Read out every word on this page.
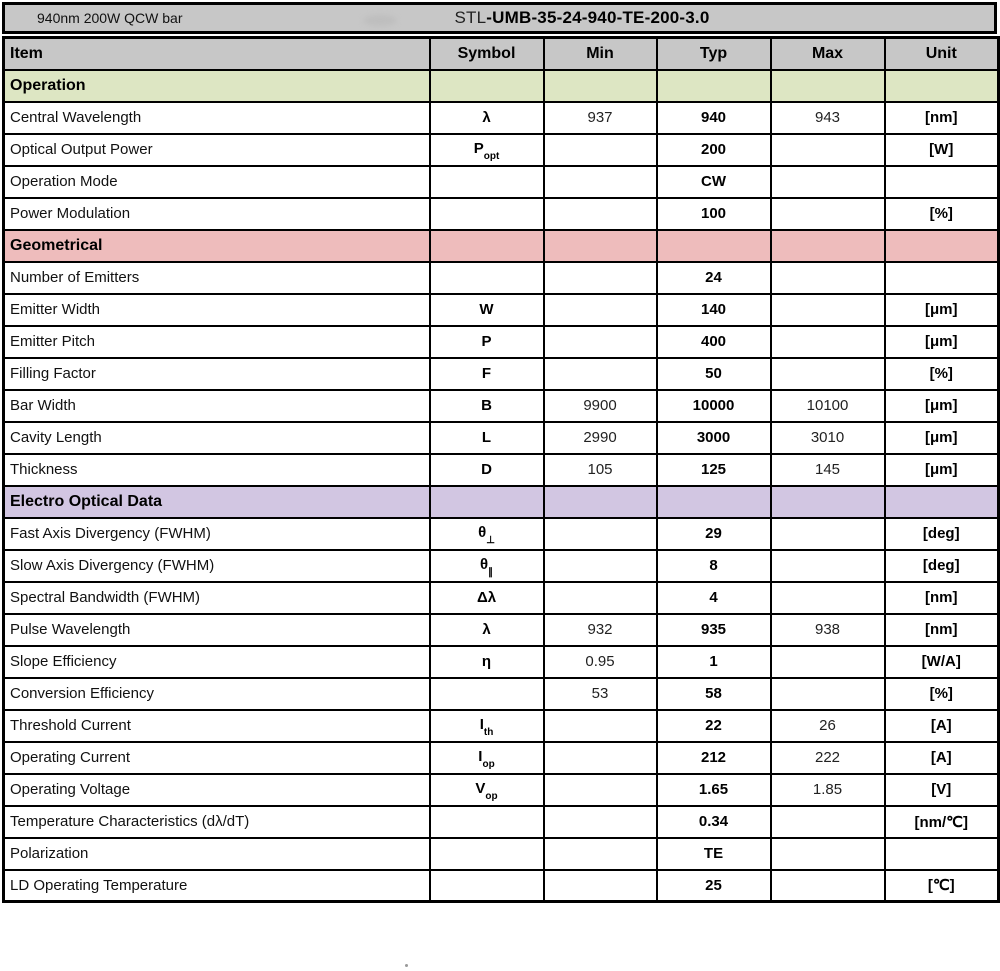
940nm 200W QCW bar	STL -UMB-35-24-940-TE-200-3.0
Item	Symbol	Min	Typ	Max	Unit
Operation					
Central Wavelength	λ	937	940	943	[nm]
Optical Output Power	$P_{opt}$		200		[W]
Operation Mode			CW		
Power Modulation			100		[%]
Geometrical					
Number of Emitters			24		
Emitter Width	W		140		[μm]
Emitter Pitch	P		400		[μm]
Filling Factor	F		50		[%]
Bar Width	B	9900	10000	10100	[μm]
Cavity Length	L	2990	3000	3010	[μm]
Thickness	D	105	125	145	[μm]
Electro Optical Data					
Fast Axis Divergency (FWHM)	$\theta_\perp$		29		[deg]
Slow Axis Divergency (FWHM)	$\theta_\parallel$		8		[deg]
Spectral Bandwidth (FWHM)	Δλ		4		[nm]
Pulse Wavelength	λ	932	935	938	[nm]
Slope Efficiency	η	0.95	1		[W/A]
Conversion Efficiency		53	58		[%]
Threshold Current	$I_{th}$		22	26	[A]
Operating Current	$I_{op}$		212	222	[A]
Operating Voltage	$V_{op}$		1.65	1.85	[V]
Temperature Characteristics (dλ/dT)			0.34		[nm/℃]
Polarization			TE		
LD Operating Temperature			25		[℃]
